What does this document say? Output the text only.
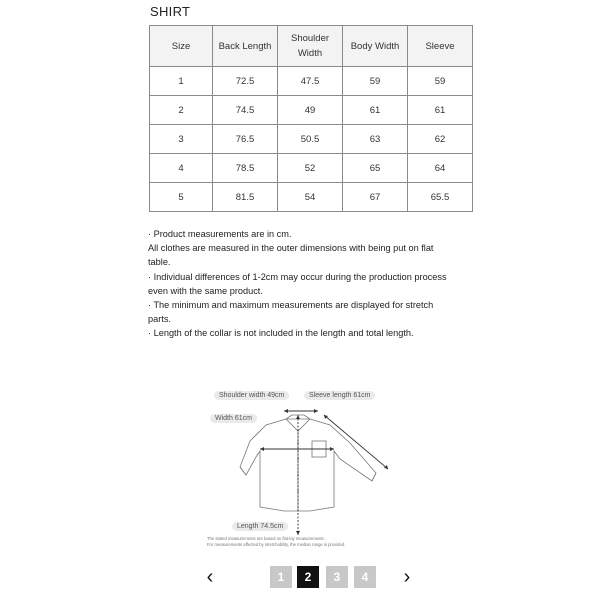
SHIRT
Size	Back Length	Shoulder Width	Body Width	Sleeve
1	72.5	47.5	59	59
2	74.5	49	61	61
3	76.5	50.5	63	62
4	78.5	52	65	64
5	81.5	54	67	65.5

· Product measurements are in cm.

All clothes are measured in the outer dimensions with being put on flat table.

· Individual differences of 1-2cm may occur during the production process even with the same product.

· The minimum and maximum measurements are displayed for stretch parts.

· Length of the collar is not included in the length and total length.

Shoulder width 49cm	Sleeve length 61cm
Width 61cm
Length 74.5cm
The stated measurements are based on flat-lay measurements.
For measurements affected by stretchability, the median range is provided.
‹	1	2	3	4	›
